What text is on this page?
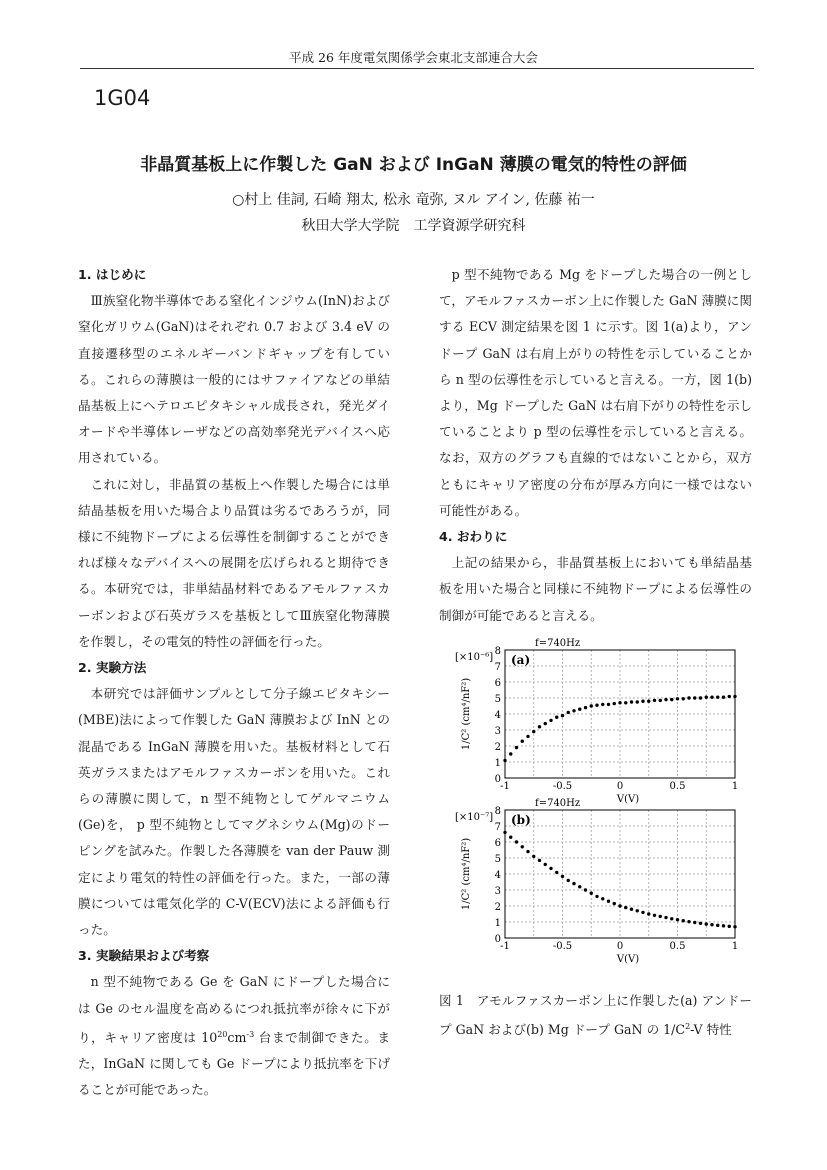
平成 26 年度電気関係学会東北支部連合大会
1G04
非晶質基板上に作製した GaN および InGaN 薄膜の電気的特性の評価
○村上 佳詞, 石崎 翔太, 松永 竜弥, ヌル アイン, 佐藤 祐一
秋田大学大学院　工学資源学研究科
1. はじめに

Ⅲ族窒化物半導体である窒化インジウム(InN)および窒化ガリウム(GaN)はそれぞれ 0.7 および 3.4 eV の直接遷移型のエネルギーバンドギャップを有している。これらの薄膜は一般的にはサファイアなどの単結晶基板上にヘテロエピタキシャル成長され，発光ダイオードや半導体レーザなどの高効率発光デバイスへ応用されている。

これに対し，非晶質の基板上へ作製した場合には単結晶基板を用いた場合より品質は劣るであろうが，同様に不純物ドープによる伝導性を制御することができれば様々なデバイスへの展開を広げられると期待できる。本研究では，非単結晶材料であるアモルファスカーボンおよび石英ガラスを基板としてⅢ族窒化物薄膜を作製し，その電気的特性の評価を行った。

2. 実験方法

本研究では評価サンプルとして分子線エピタキシー(MBE)法によって作製した GaN 薄膜および InN との混晶である InGaN 薄膜を用いた。基板材料として石英ガラスまたはアモルファスカーボンを用いた。これらの薄膜に関して，n 型不純物としてゲルマニウム(Ge)を， p 型不純物としてマグネシウム(Mg)のドーピングを試みた。作製した各薄膜を van der Pauw 測定により電気的特性の評価を行った。また，一部の薄膜については電気化学的 C-V(ECV)法による評価も行った。

3. 実験結果および考察

n 型不純物である Ge を GaN にドープした場合には Ge のセル温度を高めるにつれ抵抗率が徐々に下がり，キャリア密度は $10^{20}cm^{-3}$ 台まで制御できた。また，InGaN に関しても Ge ドープにより抵抗率を下げることが可能であった。

p 型不純物である Mg をドープした場合の一例として，アモルファスカーボン上に作製した GaN 薄膜に関する ECV 測定結果を図 1 に示す。図 1(a)より，アンドープ GaN は右肩上がりの特性を示していることから n 型の伝導性を示していると言える。一方，図 1(b)より，Mg ドープした GaN は右肩下がりの特性を示していることより p 型の伝導性を示していると言える。なお，双方のグラフも直線的ではないことから，双方ともにキャリア密度の分布が厚み方向に一様ではない可能性がある。

4. おわりに

上記の結果から，非晶質基板上においても単結晶基板を用いた場合と同様に不純物ドープによる伝導性の制御が可能であると言える。

0
1
2
3
4
5
6
7
8
-1	-0.5	0	0.5	1
f=740Hz
[×10⁻⁶] (a)
V(V)
1/C² (cm⁴/nF²)
0
1
2
3
4
5
6
7
8
-1	-0.5	0	0.5	1
f=740Hz
[×10⁻⁷] (b)
V(V)
1/C² (cm⁴/nF²)
図 1　アモルファスカーボン上に作製した(a) アンドープ GaN および(b) Mg ドープ GaN の $1/C^2-V$ 特性
